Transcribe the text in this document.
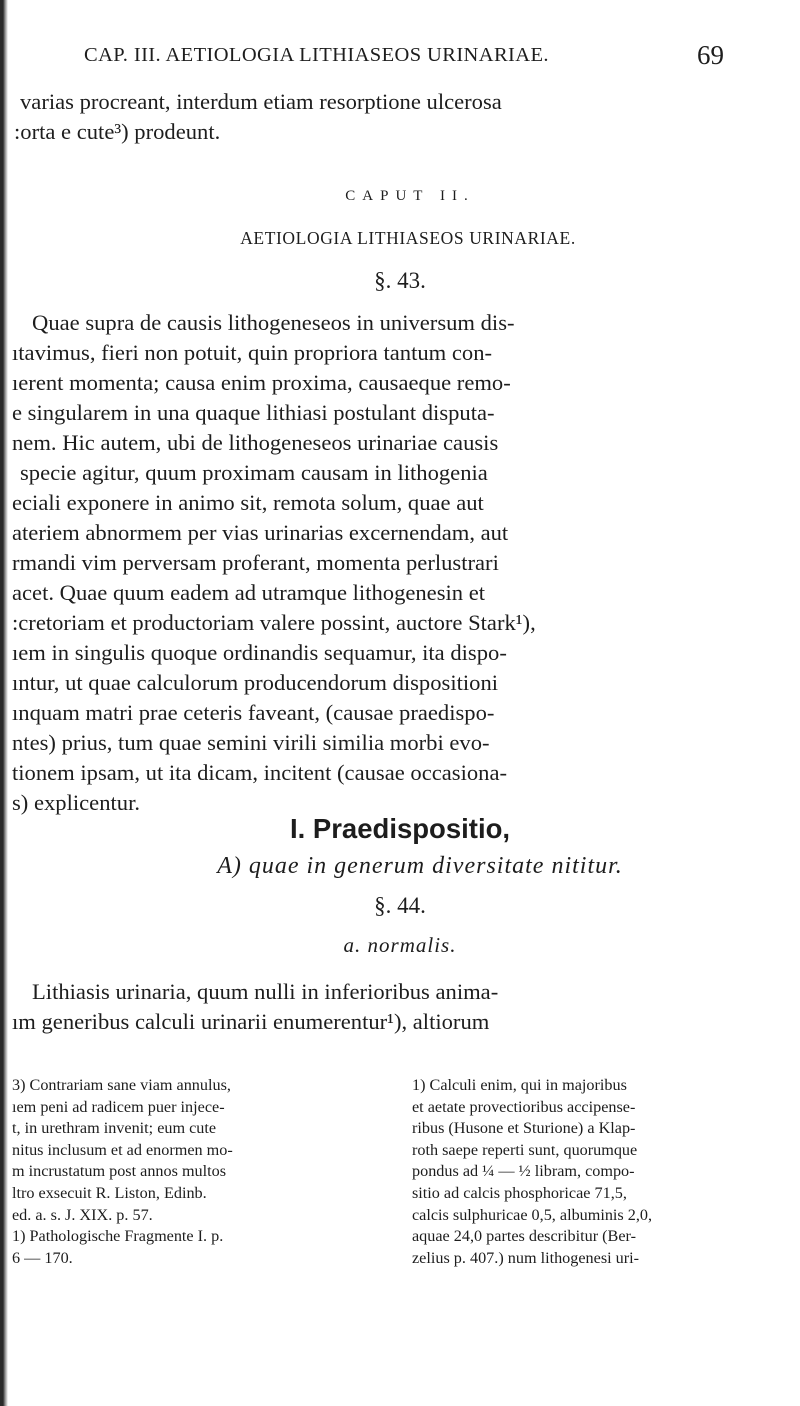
CAP. III. AETIOLOGIA LITHIASEOS URINARIAE.	69
varias procreant, interdum etiam resorptione ulcerosa
:orta e cute³) prodeunt.
CAPUT II.
AETIOLOGIA LITHIASEOS URINARIAE.
§. 43.
Quae supra de causis lithogeneseos in universum dis-
ıtavimus, fieri non potuit, quin propriora tantum con-
ıerent momenta; causa enim proxima, causaeque remo-
e singularem in una quaque lithiasi postulant disputa-
nem. Hic autem, ubi de lithogeneseos urinariae causis
specie agitur, quum proximam causam in lithogenia
eciali exponere in animo sit, remota solum, quae aut
ateriem abnormem per vias urinarias excernendam, aut
rmandi vim perversam proferant, momenta perlustrari
acet. Quae quum eadem ad utramque lithogenesin et
:cretoriam et productoriam valere possint, auctore Stark¹),
ıem in singulis quoque ordinandis sequamur, ita dispo-
ıntur, ut quae calculorum producendorum dispositioni
ınquam matri prae ceteris faveant, (causae praedispo-
ntes) prius, tum quae semini virili similia morbi evo-
tionem ipsam, ut ita dicam, incitent (causae occasiona-
s) explicentur.
I. Praedispositio,
A) quae in generum diversitate nititur.
§. 44.
a. normalis.
Lithiasis urinaria, quum nulli in inferioribus anima-
ım generibus calculi urinarii enumerentur¹), altiorum
3) Contrariam sane viam annulus,
ıem peni ad radicem puer injece-
t, in urethram invenit; eum cute
nitus inclusum et ad enormen mo-
m incrustatum post annos multos
ltro exsecuit R. Liston, Edinb.
ed. a. s. J. XIX. p. 57.
1) Pathologische Fragmente I. p.
6 — 170.
1) Calculi enim, qui in majoribus
et aetate provectioribus accipense-
ribus (Husone et Sturione) a Klap-
roth saepe reperti sunt, quorumque
pondus ad ¼ — ½ libram, compo-
sitio ad calcis phosphoricae 71,5,
calcis sulphuricae 0,5, albuminis 2,0,
aquae 24,0 partes describitur (Ber-
zelius p. 407.) num lithogenesi uri-
